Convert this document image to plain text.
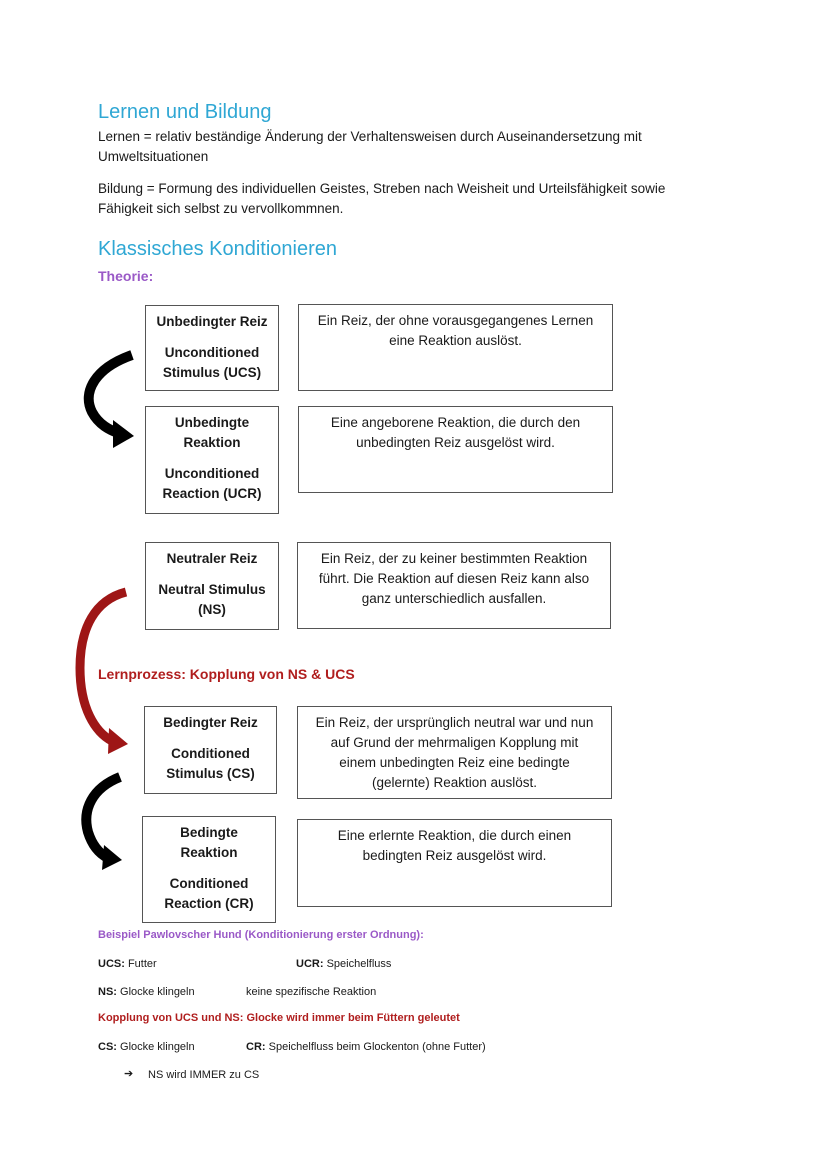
Lernen und Bildung
Lernen = relativ beständige Änderung der Verhaltensweisen durch Auseinandersetzung mit
Umweltsituationen
Bildung = Formung des individuellen Geistes, Streben nach Weisheit und Urteilsfähigkeit sowie
Fähigkeit sich selbst zu vervollkommnen.
Klassisches Konditionieren
Theorie:
Unbedingter Reiz
Unconditioned
Stimulus (UCS)
Ein Reiz, der ohne vorausgegangenes Lernen
eine Reaktion auslöst.
Unbedingte
Reaktion
Unconditioned
Reaction (UCR)
Eine angeborene Reaktion, die durch den
unbedingten Reiz ausgelöst wird.
Neutraler Reiz
Neutral Stimulus
(NS)
Ein Reiz, der zu keiner bestimmten Reaktion
führt. Die Reaktion auf diesen Reiz kann also
ganz unterschiedlich ausfallen.
Lernprozess: Kopplung von NS & UCS
Bedingter Reiz
Conditioned
Stimulus (CS)
Ein Reiz, der ursprünglich neutral war und nun
auf Grund der mehrmaligen Kopplung mit
einem unbedingten Reiz eine bedingte
(gelernte) Reaktion auslöst.
Bedingte
Reaktion
Conditioned
Reaction (CR)
Eine erlernte Reaktion, die durch einen
bedingten Reiz ausgelöst wird.
Beispiel Pawlovscher Hund (Konditionierung erster Ordnung):
UCS: Futter	UCR: Speichelfluss
NS: Glocke klingeln	keine spezifische Reaktion
Kopplung von UCS und NS: Glocke wird immer beim Füttern geleutet
CS: Glocke klingeln	CR: Speichelfluss beim Glockenton (ohne Futter)
➔ NS wird IMMER zu CS
